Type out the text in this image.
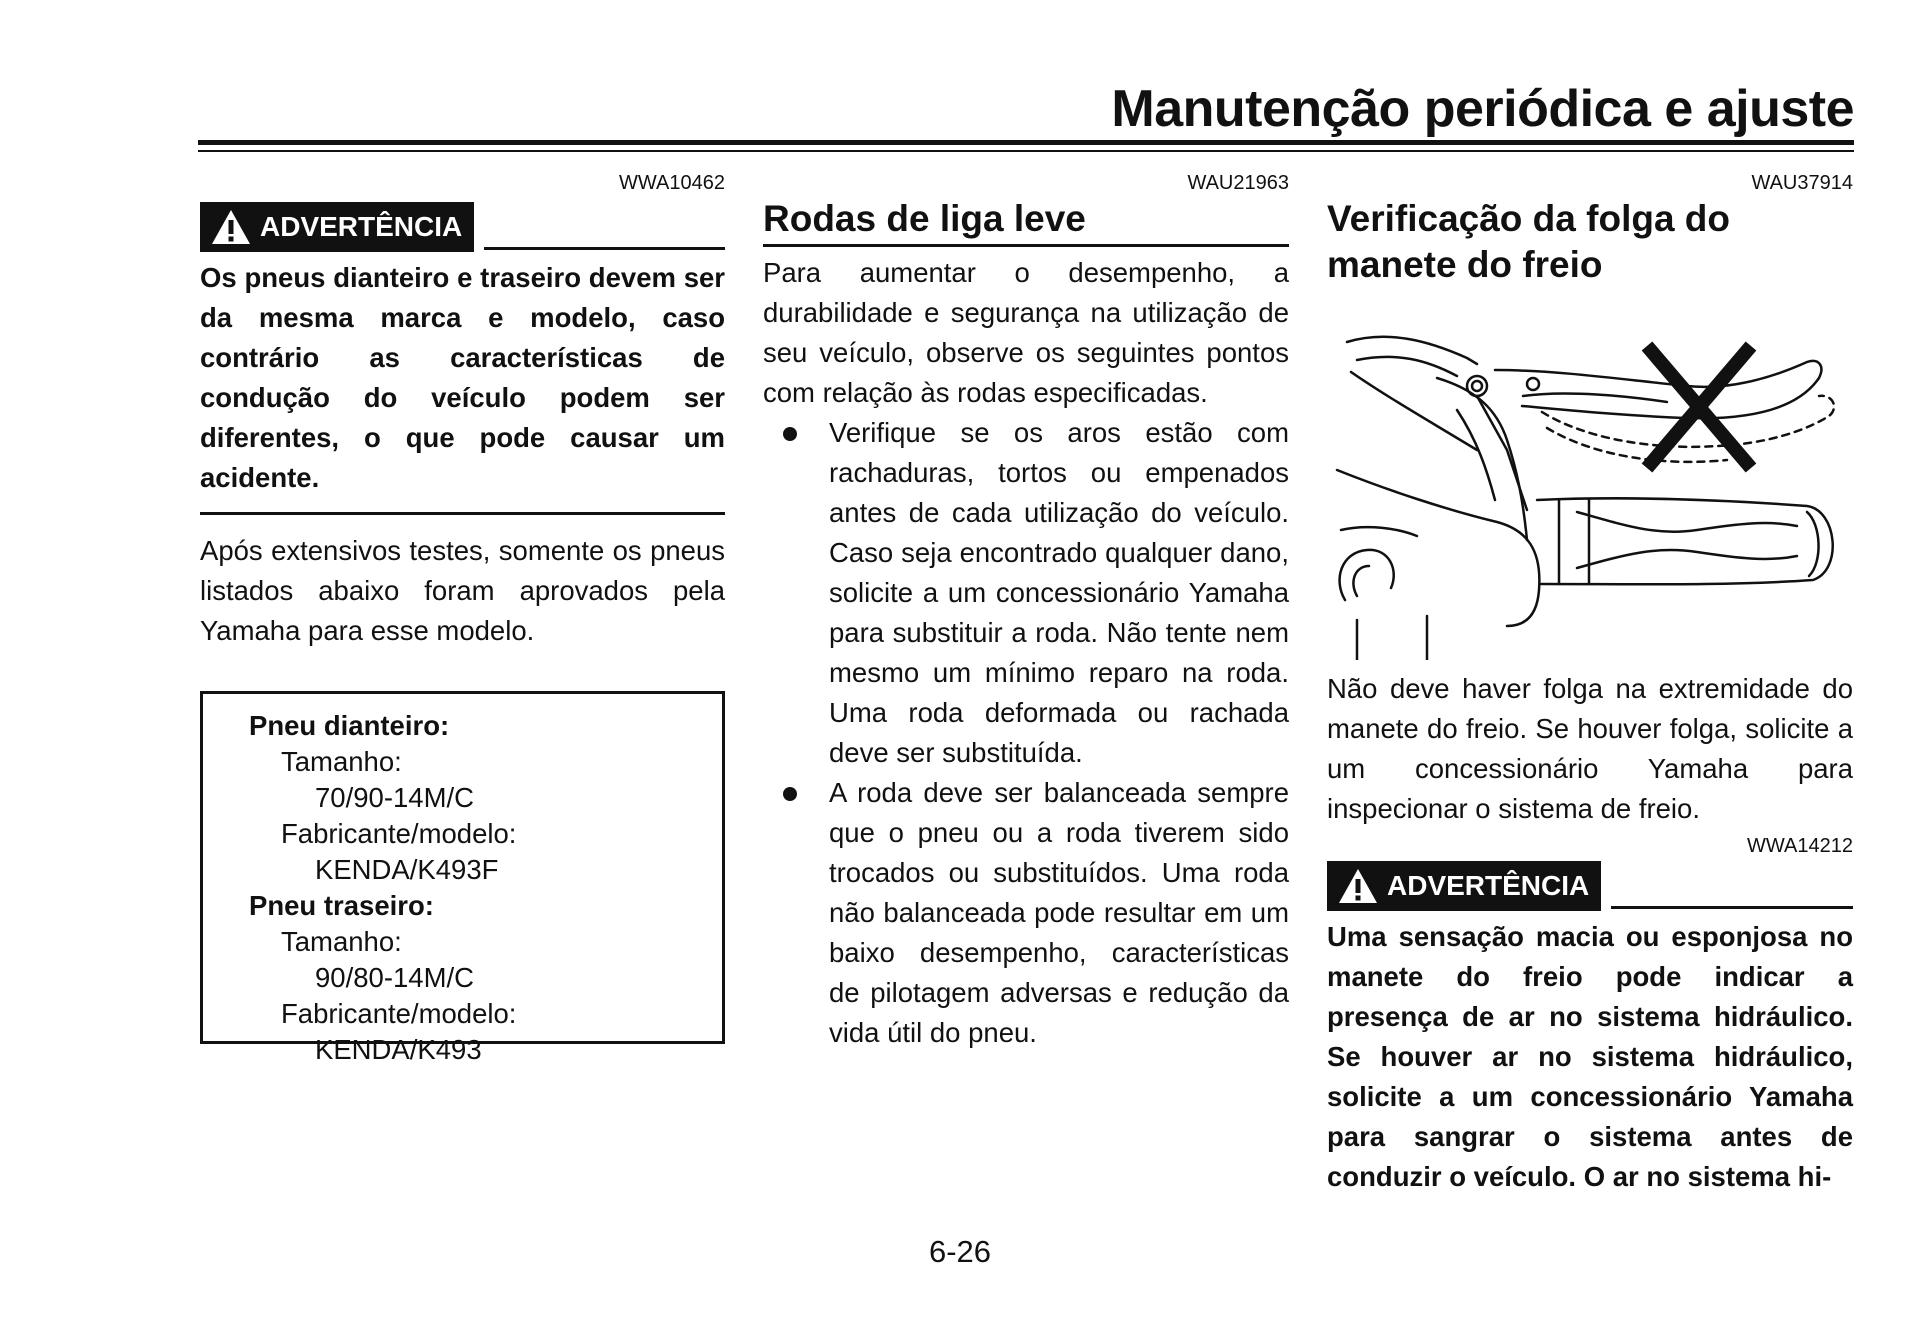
Manutenção periódica e ajuste
WWA10462
ADVERTÊNCIA

Os pneus dianteiro e traseiro devem ser da mesma marca e modelo, caso contrário as características de condução do veículo podem ser diferentes, o que pode causar um acidente.

Após extensivos testes, somente os pneus listados abaixo foram aprovados pela Yamaha para esse modelo.

Pneu dianteiro:
Tamanho:
70/90-14M/C
Fabricante/modelo:
KENDA/K493F
Pneu traseiro:
Tamanho:
90/80-14M/C
Fabricante/modelo:
KENDA/K493
WAU21963
Rodas de liga leve

Para aumentar o desempenho, a durabilidade e segurança na utilização de seu veículo, observe os seguintes pontos com relação às rodas especificadas.

Verifique se os aros estão com rachaduras, tortos ou empenados antes de cada utilização do veículo. Caso seja encontrado qualquer dano, solicite a um concessionário Yamaha para substituir a roda. Não tente nem mesmo um mínimo reparo na roda. Uma roda deformada ou rachada deve ser substituída.
A roda deve ser balanceada sempre que o pneu ou a roda tiverem sido trocados ou substituídos. Uma roda não balanceada pode resultar em um baixo desempenho, características de pilotagem adversas e redução da vida útil do pneu.
WAU37914
Verificação da folga do manete do freio

Não deve haver folga na extremidade do manete do freio. Se houver folga, solicite a um concessionário Yamaha para inspecionar o sistema de freio.

WWA14212
ADVERTÊNCIA

Uma sensação macia ou esponjosa no manete do freio pode indicar a presença de ar no sistema hidráulico. Se houver ar no sistema hidráulico, solicite a um concessionário Yamaha para sangrar o sistema antes de conduzir o veículo. O ar no sistema hi-

6-26
